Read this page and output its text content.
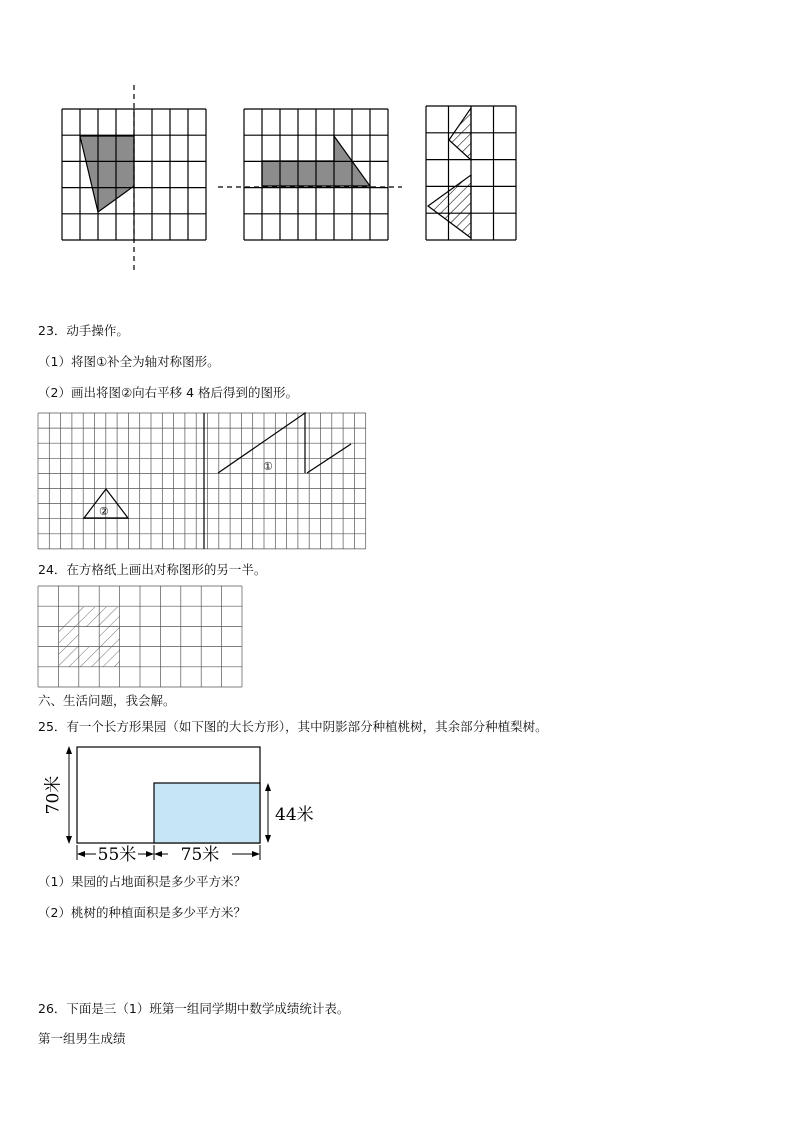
①
②
70米
44米
55米	75米
23．动手操作。
（1）将图①补全为轴对称图形。
（2）画出将图②向右平移 4 格后得到的图形。
24．在方格纸上画出对称图形的另一半。
六、生活问题，我会解。
25．有一个长方形果园（如下图的大长方形），其中阴影部分种植桃树，其余部分种植梨树。
（1）果园的占地面积是多少平方米？
（2）桃树的种植面积是多少平方米？
26．下面是三（1）班第一组同学期中数学成绩统计表。
第一组男生成绩
